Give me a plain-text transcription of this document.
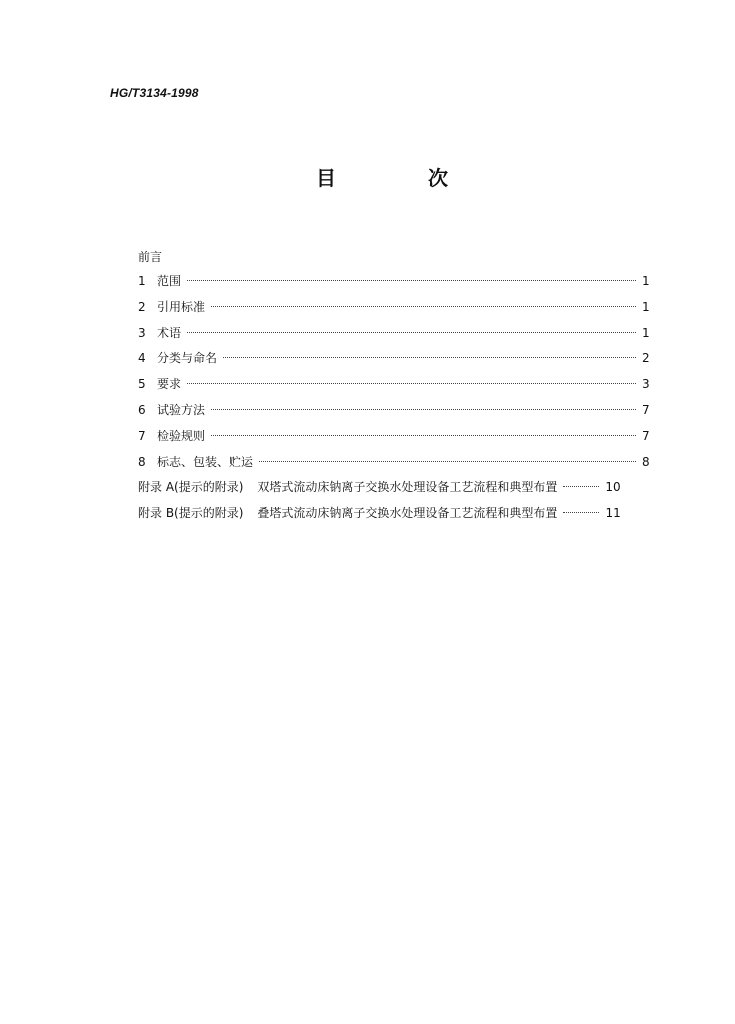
HG/T3134-1998
目	次
前言
1 范围	1
2 引用标准	1
3 术语	1
4 分类与命名	2
5 要求	3
6 试验方法	7
7 检验规则	7
8 标志、包装、贮运	8
附录 A(提示的附录) 双塔式流动床钠离子交换水处理设备工艺流程和典型布置	10
附录 B(提示的附录) 叠塔式流动床钠离子交换水处理设备工艺流程和典型布置	11
